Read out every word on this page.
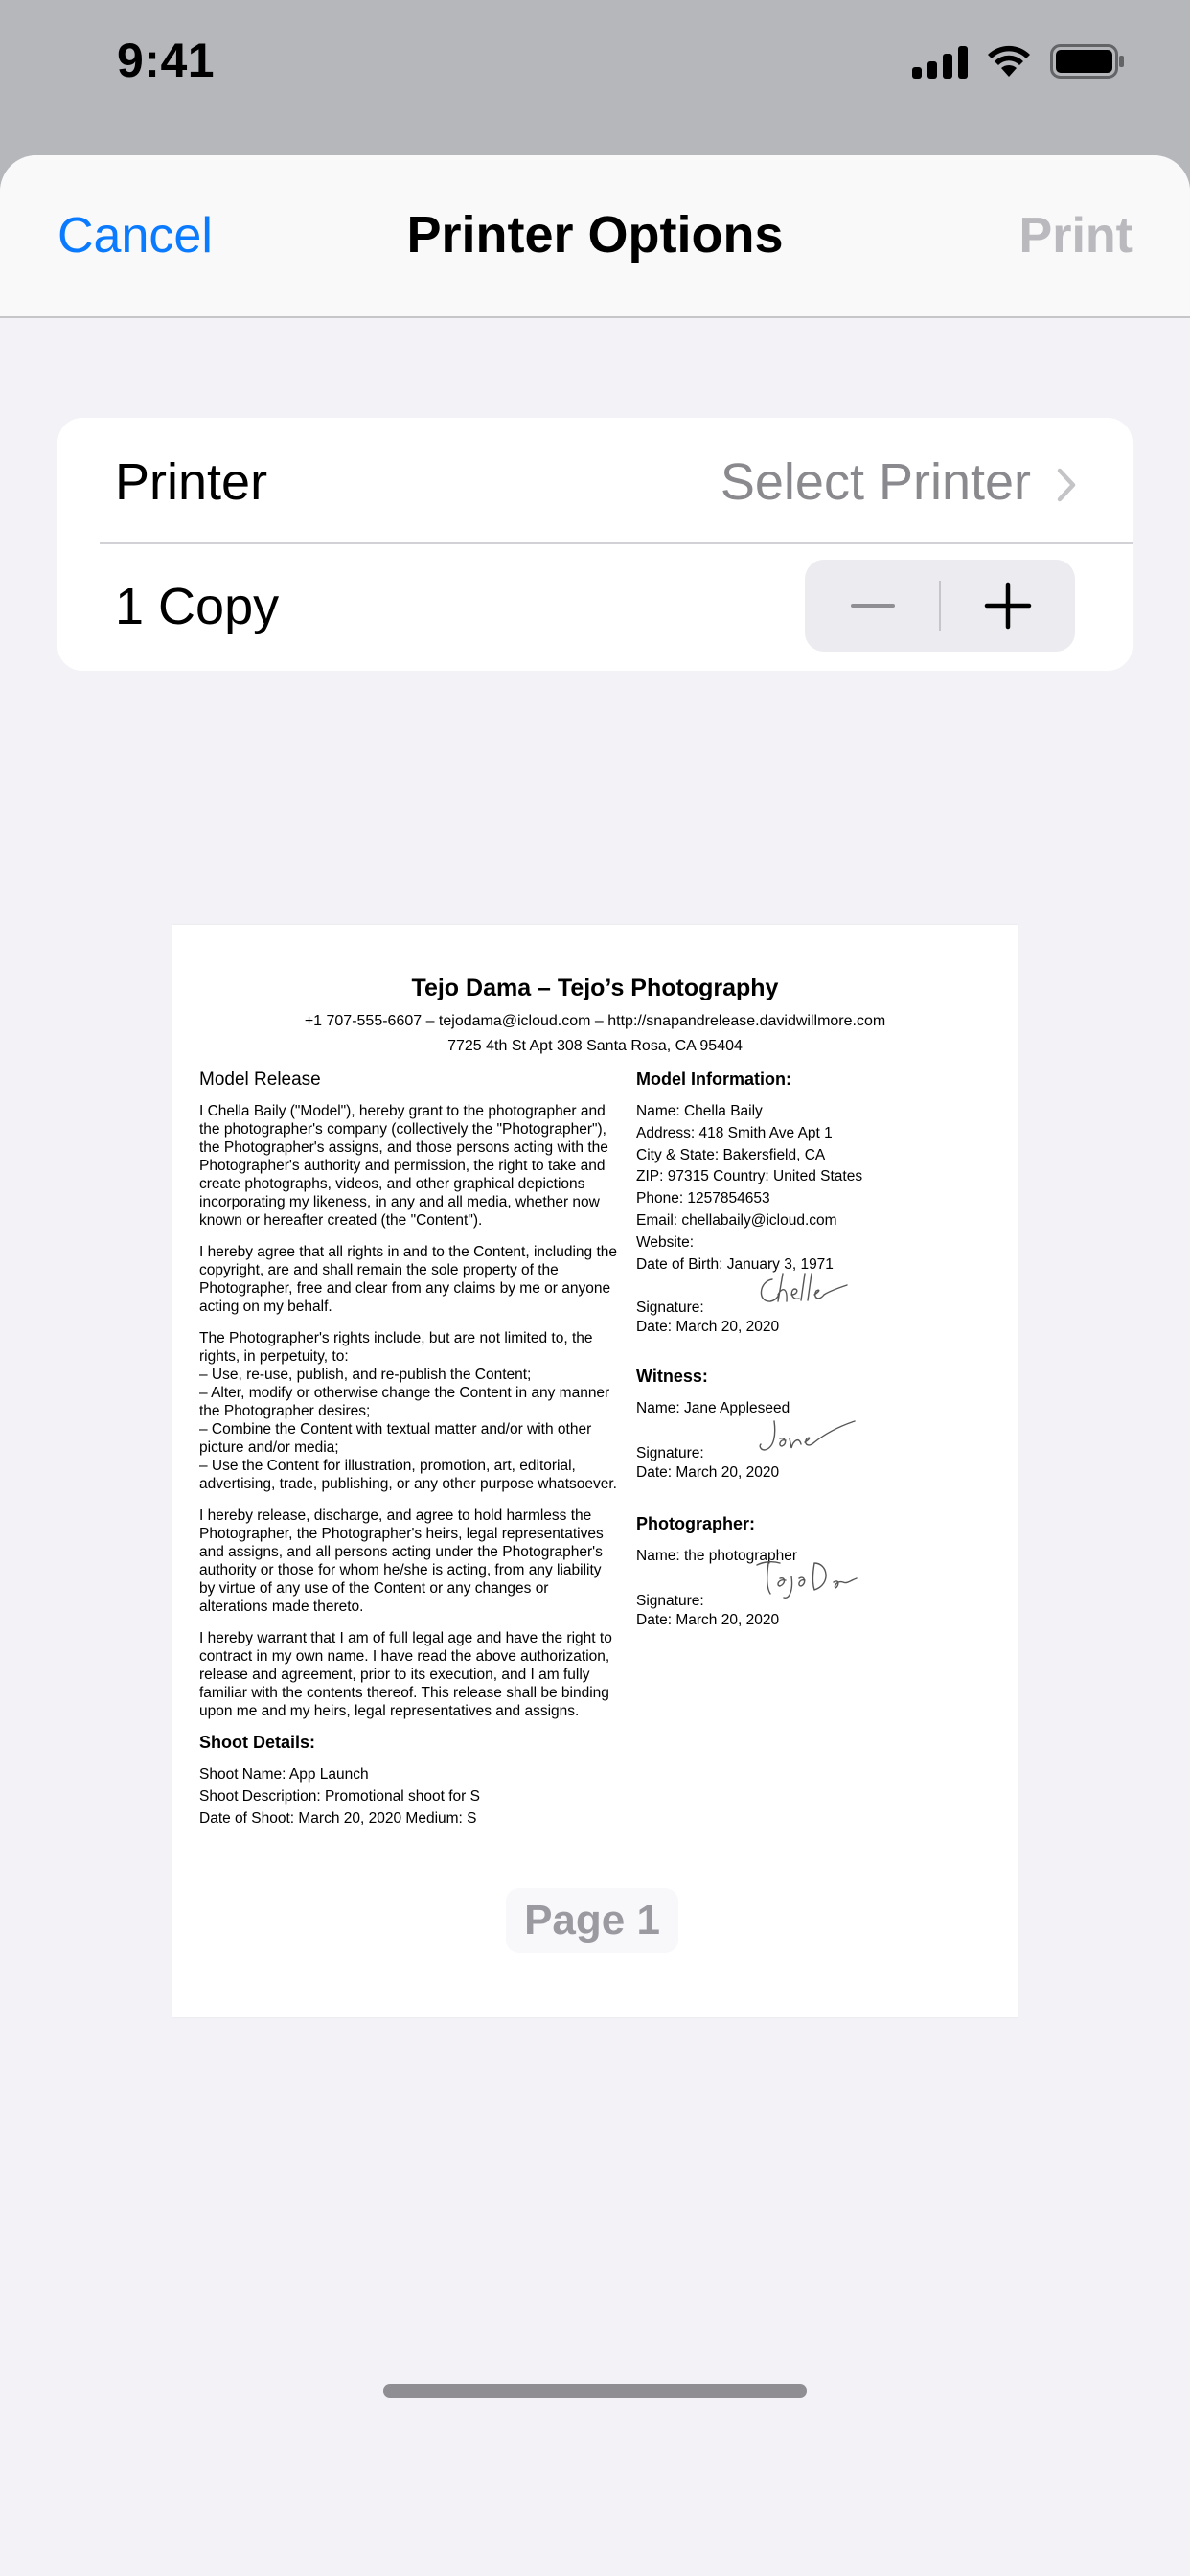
9:41
Cancel	Printer Options	Print
Printer	Select Printer
1 Copy
Tejo Dama – Tejo’s Photography
+1 707-555-6607 – tejodama@icloud.com – http://snapandrelease.davidwillmore.com
7725 4th St Apt 308 Santa Rosa, CA 95404
Model Release
I Chella Baily ("Model"), hereby grant to the photographer and the photographer's company (collectively the "Photographer"), the Photographer's assigns, and those persons acting with the Photographer's authority and permission, the right to take and create photographs, videos, and other graphical depictions incorporating my likeness, in any and all media, whether now known or hereafter created (the "Content").
I hereby agree that all rights in and to the Content, including the copyright, are and shall remain the sole property of the Photographer, free and clear from any claims by me or anyone acting on my behalf.
The Photographer's rights include, but are not limited to, the rights, in perpetuity, to:
– Use, re-use, publish, and re-publish the Content;
– Alter, modify or otherwise change the Content in any manner the Photographer desires;
– Combine the Content with textual matter and/or with other picture and/or media;
– Use the Content for illustration, promotion, art, editorial, advertising, trade, publishing, or any other purpose whatsoever.
I hereby release, discharge, and agree to hold harmless the Photographer, the Photographer's heirs, legal representatives and assigns, and all persons acting under the Photographer's authority or those for whom he/she is acting, from any liability by virtue of any use of the Content or any changes or alterations made thereto.
I hereby warrant that I am of full legal age and have the right to contract in my own name. I have read the above authorization, release and agreement, prior to its execution, and I am fully familiar with the contents thereof. This release shall be binding upon me and my heirs, legal representatives and assigns.
Shoot Details:
Shoot Name: App Launch
Shoot Description: Promotional shoot for S
Date of Shoot: March 20, 2020 Medium: S
Model Information:
Name: Chella Baily
Address: 418 Smith Ave Apt 1
City & State: Bakersfield, CA
ZIP: 97315 Country: United States
Phone: 1257854653
Email: chellabaily@icloud.com
Website:
Date of Birth: January 3, 1971
Signature:
Date: March 20, 2020
Witness:
Name: Jane Appleseed
Signature:
Date: March 20, 2020
Photographer:
Name: the photographer
Signature:
Date: March 20, 2020
Page 1
